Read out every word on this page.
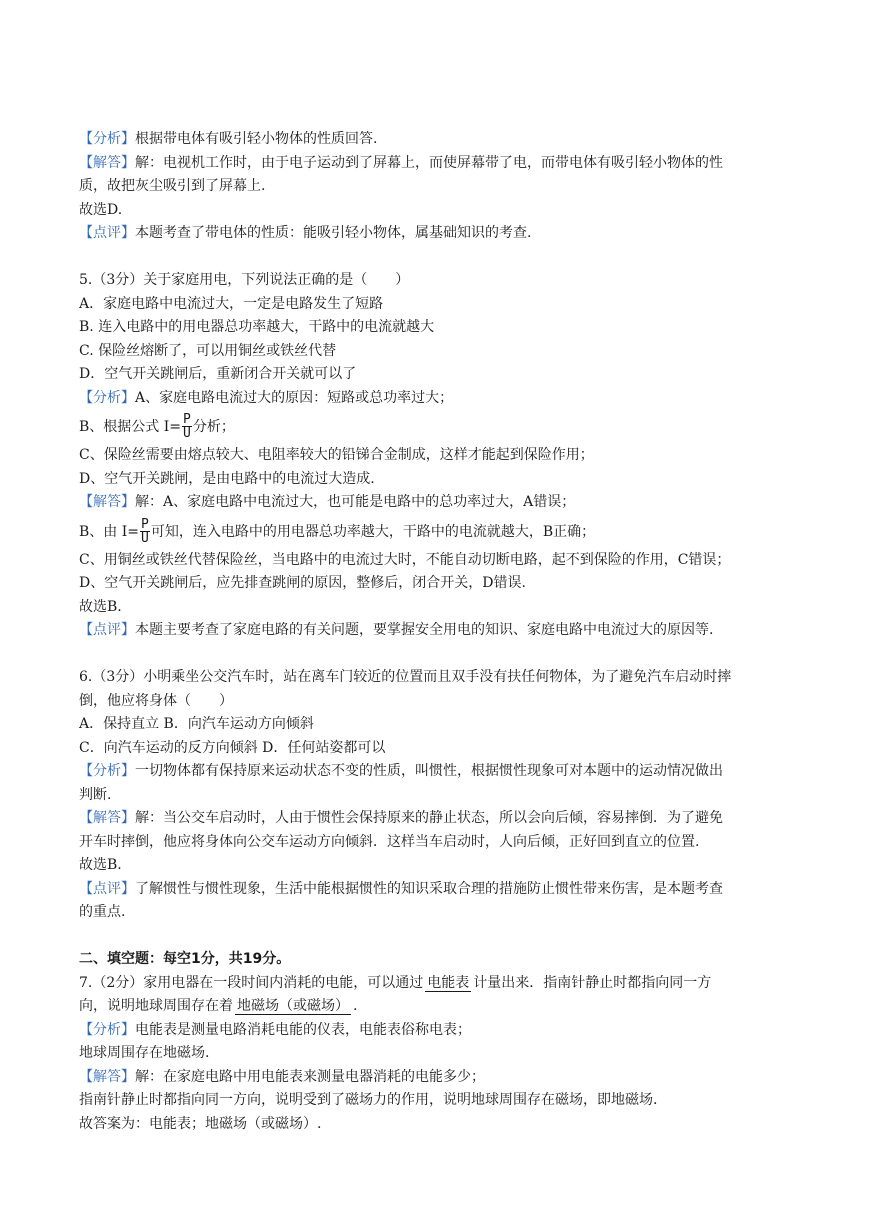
【分析】根据带电体有吸引轻小物体的性质回答.
【解答】解：电视机工作时，由于电子运动到了屏幕上，而使屏幕带了电，而带电体有吸引轻小物体的性
质，故把灰尘吸引到了屏幕上.
故选D.
【点评】本题考查了带电体的性质：能吸引轻小物体，属基础知识的考查.
5.（3分）关于家庭用电，下列说法正确的是（　　）
A．家庭电路中电流过大，一定是电路发生了短路
B. 连入电路中的用电器总功率越大，干路中的电流就越大
C. 保险丝熔断了，可以用铜丝或铁丝代替
D．空气开关跳闸后，重新闭合开关就可以了
【分析】A、家庭电路电流过大的原因：短路或总功率过大；
B、根据公式 $I= \frac{P}{U}$ 分析；
C、保险丝需要由熔点较大、电阻率较大的铅锑合金制成，这样才能起到保险作用；
D、空气开关跳闸，是由电路中的电流过大造成.
【解答】解：A、家庭电路中电流过大，也可能是电路中的总功率过大，A错误；
B、由 $I= \frac{P}{U}$ 可知，连入电路中的用电器总功率越大，干路中的电流就越大，B正确；
C、用铜丝或铁丝代替保险丝，当电路中的电流过大时，不能自动切断电路，起不到保险的作用，C错误；
D、空气开关跳闸后，应先排查跳闸的原因，整修后，闭合开关，D错误.
故选B.
【点评】本题主要考查了家庭电路的有关问题，要掌握安全用电的知识、家庭电路中电流过大的原因等.
6.（3分）小明乘坐公交汽车时，站在离车门较近的位置而且双手没有扶任何物体，为了避免汽车启动时摔
倒，他应将身体（　　）
A．保持直立 B．向汽车运动方向倾斜
C．向汽车运动的反方向倾斜 D．任何站姿都可以
【分析】一切物体都有保持原来运动状态不变的性质，叫惯性，根据惯性现象可对本题中的运动情况做出
判断.
【解答】解：当公交车启动时，人由于惯性会保持原来的静止状态，所以会向后倾，容易摔倒．为了避免
开车时摔倒，他应将身体向公交车运动方向倾斜．这样当车启动时，人向后倾，正好回到直立的位置.
故选B.
【点评】了解惯性与惯性现象，生活中能根据惯性的知识采取合理的措施防止惯性带来伤害，是本题考查
的重点.
二、填空题：每空1分，共19分。
7.（2分）家用电器在一段时间内消耗的电能，可以通过 电能表 计量出来．指南针静止时都指向同一方
向，说明地球周围存在着 地磁场（或磁场） .
【分析】电能表是测量电路消耗电能的仪表，电能表俗称电表；
地球周围存在地磁场.
【解答】解：在家庭电路中用电能表来测量电器消耗的电能多少；
指南针静止时都指向同一方向，说明受到了磁场力的作用，说明地球周围存在磁场，即地磁场.
故答案为：电能表；地磁场（或磁场）.
